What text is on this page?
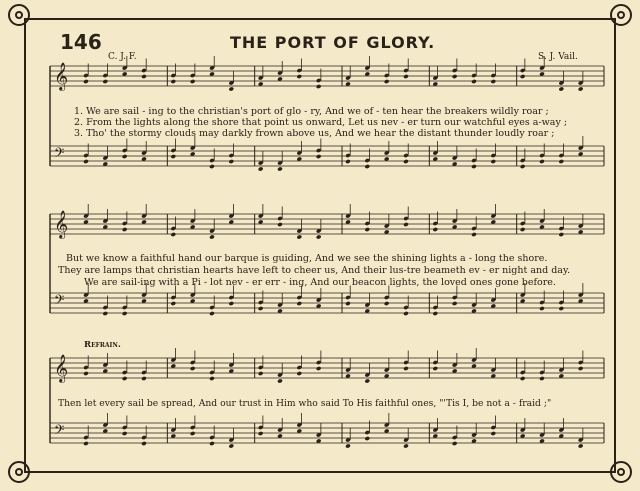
146	THE PORT OF GLORY.
C. J. F.	S. J. Vail.
𝄞
𝄢
𝄞
𝄢
𝄞
𝄢
1. We are sail - ing to the christian's port of glo - ry, And we of - ten hear the breakers wildly roar ;
2. From the lights along the shore that point us onward, Let us nev - er turn our watchful eyes a-way ;
3. Tho' the stormy clouds may darkly frown above us, And we hear the distant thunder loudly roar ;
But we know a faithful hand our barque is guiding, And we see the shining lights a - long the shore.
They are lamps that christian hearts have left to cheer us, And their lus-tre beameth ev - er night and day.
We are sail-ing with a Pi - lot nev - er err - ing, And our beacon lights, the loved ones gone before.
Refrain.
Then let every sail be spread, And our trust in Him who said To His faithful ones, "'Tis I, be not a - fraid ;"
